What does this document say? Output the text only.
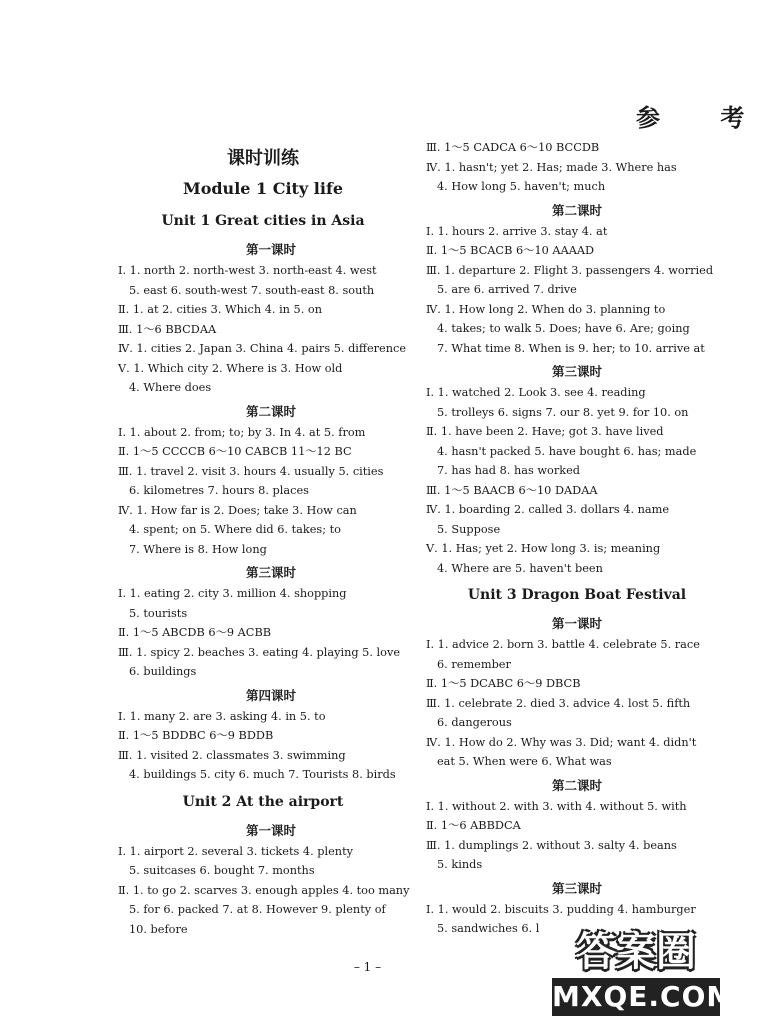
参 考
课时训练
Module 1 City life
Unit 1 Great cities in Asia
第一课时
Ⅰ. 1. north 2. north-west 3. north-east 4. west
5. east 6. south-west 7. south-east 8. south
Ⅱ. 1. at 2. cities 3. Which 4. in 5. on
Ⅲ. 1～6 BBCDAA
Ⅳ. 1. cities 2. Japan 3. China 4. pairs 5. difference
Ⅴ. 1. Which city 2. Where is 3. How old
4. Where does
第二课时
Ⅰ. 1. about 2. from; to; by 3. In 4. at 5. from
Ⅱ. 1～5 CCCCB 6～10 CABCB 11～12 BC
Ⅲ. 1. travel 2. visit 3. hours 4. usually 5. cities
6. kilometres 7. hours 8. places
Ⅳ. 1. How far is 2. Does; take 3. How can
4. spent; on 5. Where did 6. takes; to
7. Where is 8. How long
第三课时
Ⅰ. 1. eating 2. city 3. million 4. shopping
5. tourists
Ⅱ. 1～5 ABCDB 6～9 ACBB
Ⅲ. 1. spicy 2. beaches 3. eating 4. playing 5. love
6. buildings
第四课时
Ⅰ. 1. many 2. are 3. asking 4. in 5. to
Ⅱ. 1～5 BDDBC 6～9 BDDB
Ⅲ. 1. visited 2. classmates 3. swimming
4. buildings 5. city 6. much 7. Tourists 8. birds
Unit 2 At the airport
第一课时
Ⅰ. 1. airport 2. several 3. tickets 4. plenty
5. suitcases 6. bought 7. months
Ⅱ. 1. to go 2. scarves 3. enough apples 4. too many
5. for 6. packed 7. at 8. However 9. plenty of
10. before
Ⅲ. 1～5 CADCA 6～10 BCCDB
Ⅳ. 1. hasn't; yet 2. Has; made 3. Where has
4. How long 5. haven't; much
第二课时
Ⅰ. 1. hours 2. arrive 3. stay 4. at
Ⅱ. 1～5 BCACB 6～10 AAAAD
Ⅲ. 1. departure 2. Flight 3. passengers 4. worried
5. are 6. arrived 7. drive
Ⅳ. 1. How long 2. When do 3. planning to
4. takes; to walk 5. Does; have 6. Are; going
7. What time 8. When is 9. her; to 10. arrive at
第三课时
Ⅰ. 1. watched 2. Look 3. see 4. reading
5. trolleys 6. signs 7. our 8. yet 9. for 10. on
Ⅱ. 1. have been 2. Have; got 3. have lived
4. hasn't packed 5. have bought 6. has; made
7. has had 8. has worked
Ⅲ. 1～5 BAACB 6～10 DADAA
Ⅳ. 1. boarding 2. called 3. dollars 4. name
5. Suppose
Ⅴ. 1. Has; yet 2. How long 3. is; meaning
4. Where are 5. haven't been
Unit 3 Dragon Boat Festival
第一课时
Ⅰ. 1. advice 2. born 3. battle 4. celebrate 5. race
6. remember
Ⅱ. 1～5 DCABC 6～9 DBCB
Ⅲ. 1. celebrate 2. died 3. advice 4. lost 5. fifth
6. dangerous
Ⅳ. 1. How do 2. Why was 3. Did; want 4. didn't
eat 5. When were 6. What was
第二课时
Ⅰ. 1. without 2. with 3. with 4. without 5. with
Ⅱ. 1～6 ABBDCA
Ⅲ. 1. dumplings 2. without 3. salty 4. beans
5. kinds
第三课时
Ⅰ. 1. would 2. biscuits 3. pudding 4. hamburger
5. sandwiches 6. l
– 1 –	答案圈
MXQE.COM
